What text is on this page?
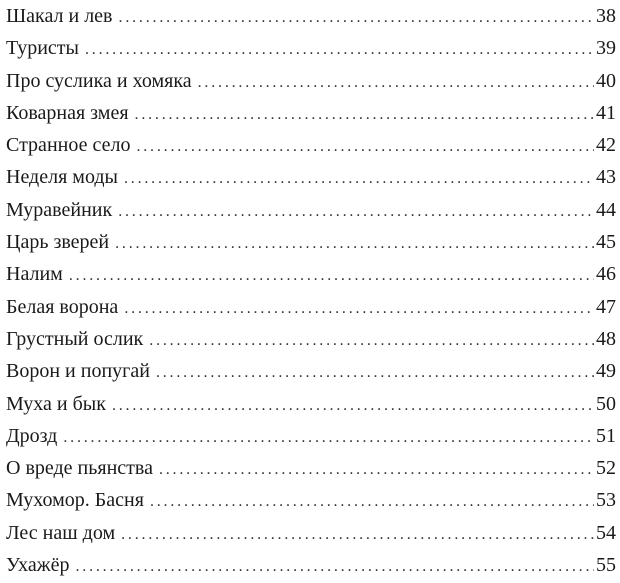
Шакал и лев . . .	38
Туристы . . .	39
Про суслика и хомяка . . .	40
Коварная змея . . .	41
Странное село . . .	42
Неделя моды . . .	43
Муравейник . . .	44
Царь зверей . . .	45
Налим . . .	46
Белая ворона . . .	47
Грустный ослик . . .	48
Ворон и попугай . . .	49
Муха и бык . . .	50
Дрозд . . .	51
О вреде пьянства . . .	52
Мухомор. Басня . . .	53
Лес наш дом . . .	54
Ухажёр . . .	55
